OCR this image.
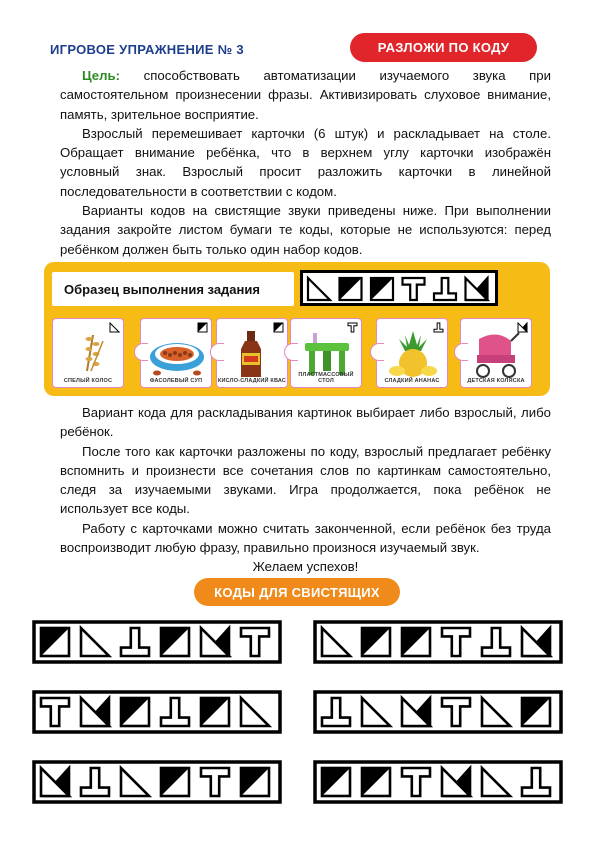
ИГРОВОЕ УПРАЖНЕНИЕ № 3	РАЗЛОЖИ ПО КОДУ

Цель: способствовать автоматизации изучаемого звука при самостоятельном произнесении фразы. Активизировать слуховое внимание, память, зрительное восприятие.

Взрослый перемешивает карточки (6 штук) и раскладывает на столе. Обращает внимание ребёнка, что в верхнем углу карточки изображён условный знак. Взрослый просит разложить карточки в линейной последовательности в соответствии с кодом.

Варианты кодов на свистящие звуки приведены ниже. При выполнении задания закройте листом бумаги те коды, которые не используются: перед ребёнком должен быть только один набор кодов.

Образец выполнения задания
СПЕЛЫЙ КОЛОС	ФАСОЛЕВЫЙ СУП	КИСЛО-СЛАДКИЙ КВАС
ПЛАСТМАССОВЫЙ СТОЛ	СЛАДКИЙ АНАНАС	ДЕТСКАЯ КОЛЯСКА

Вариант кода для раскладывания картинок выбирает либо взрослый, либо ребёнок.

После того как карточки разложены по коду, взрослый предлагает ребёнку вспомнить и произнести все сочетания слов по картинкам самостоятельно, следя за изучаемыми звуками. Игра продолжается, пока ребёнок не использует все коды.

Работу с карточками можно считать законченной, если ребёнок без труда воспроизводит любую фразу, правильно произнося изучаемый звук.

Желаем успехов!

КОДЫ ДЛЯ СВИСТЯЩИХ
